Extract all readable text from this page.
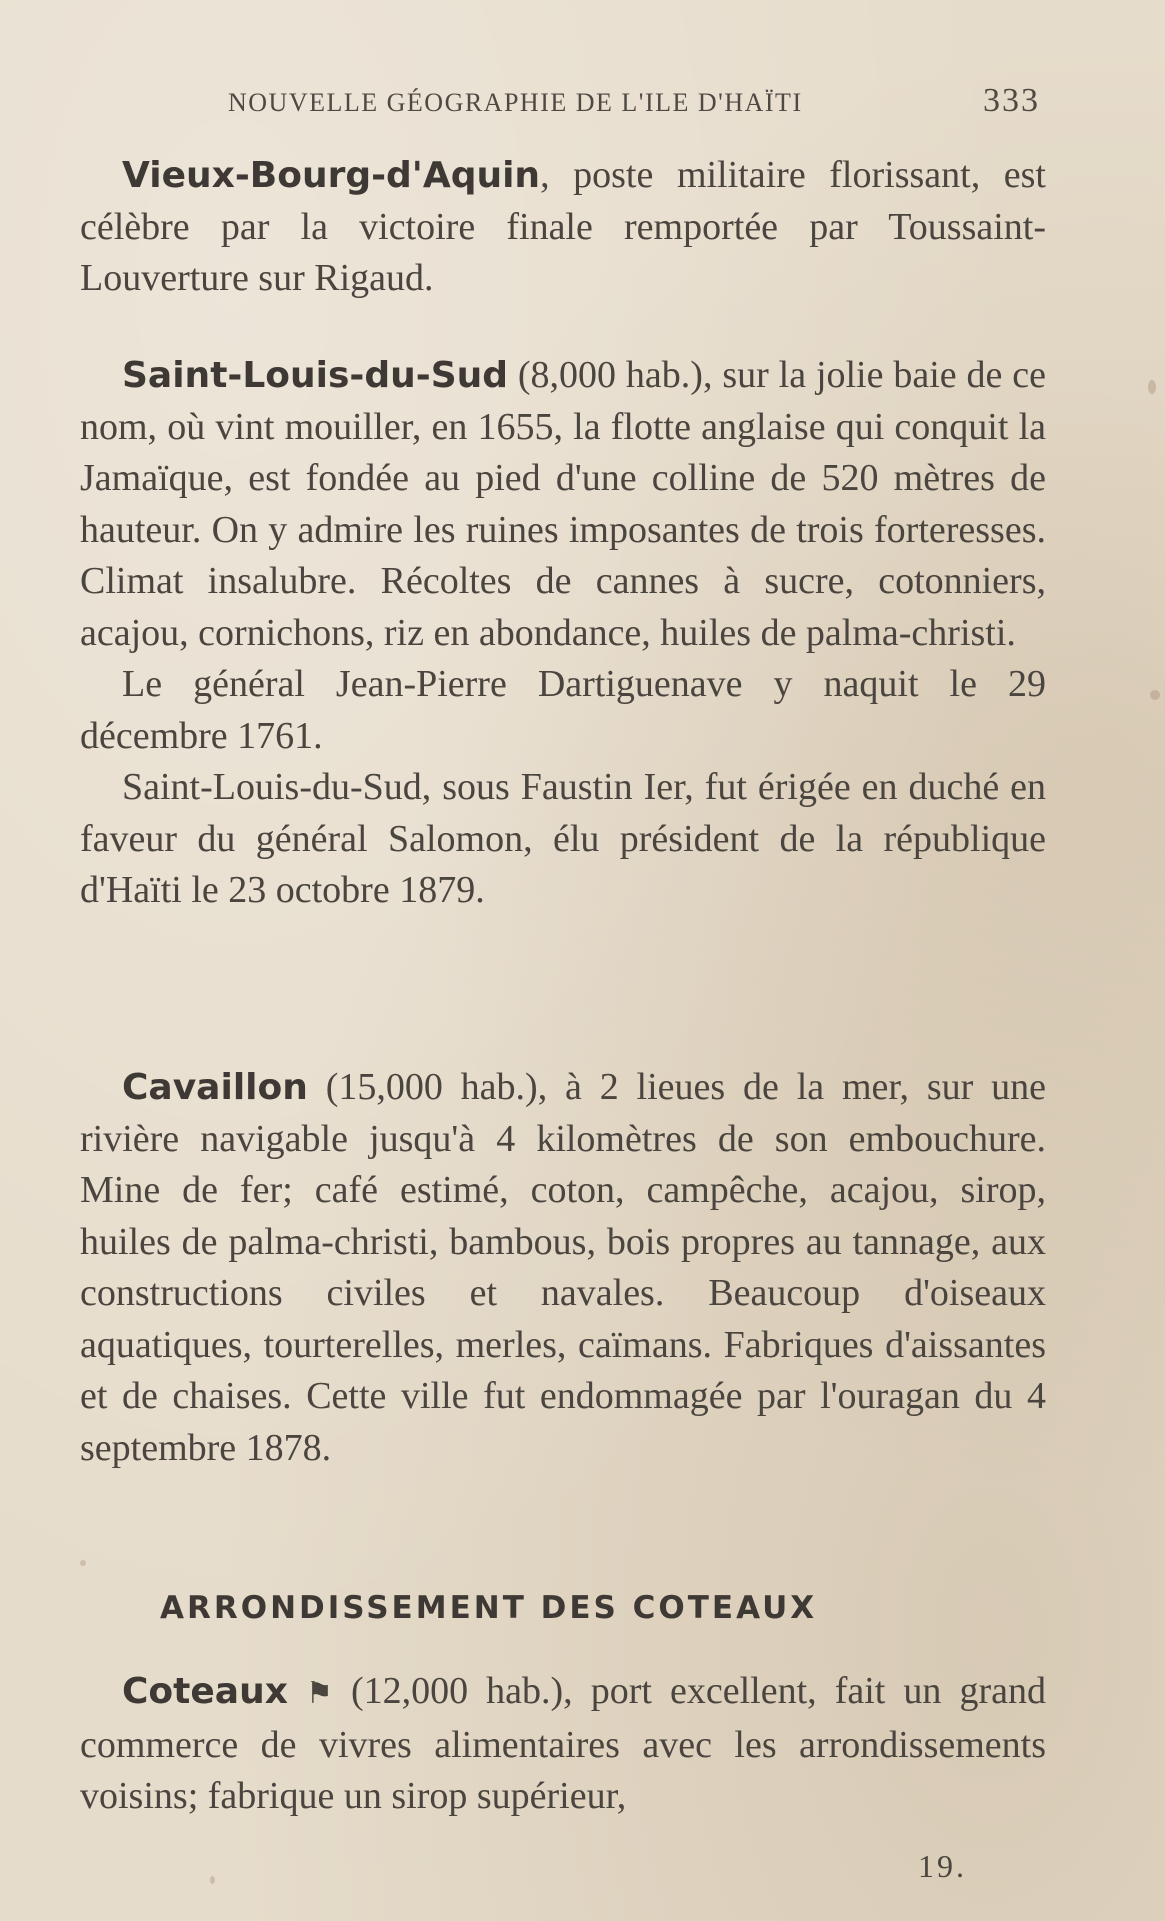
NOUVELLE GÉOGRAPHIE DE L'ILE D'HAÏTI	333

Vieux-Bourg-d'Aquin, poste militaire florissant, est célèbre par la victoire finale remportée par Toussaint-Louverture sur Rigaud.

Saint-Louis-du-Sud (8,000 hab.), sur la jolie baie de ce nom, où vint mouiller, en 1655, la flotte anglaise qui conquit la Jamaïque, est fondée au pied d'une colline de 520 mètres de hauteur. On y admire les ruines imposantes de trois forteresses. Climat insalubre. Récoltes de cannes à sucre, cotonniers, acajou, cornichons, riz en abondance, huiles de palma-christi.

Le général Jean-Pierre Dartiguenave y naquit le 29 décembre 1761.

Saint-Louis-du-Sud, sous Faustin Ier, fut érigée en duché en faveur du général Salomon, élu président de la république d'Haïti le 23 octobre 1879.

Cavaillon (15,000 hab.), à 2 lieues de la mer, sur une rivière navigable jusqu'à 4 kilomètres de son embouchure. Mine de fer; café estimé, coton, campêche, acajou, sirop, huiles de palma-christi, bambous, bois propres au tannage, aux constructions civiles et navales. Beaucoup d'oiseaux aquatiques, tourterelles, merles, caïmans. Fabriques d'aissantes et de chaises. Cette ville fut endommagée par l'ouragan du 4 septembre 1878.

ARRONDISSEMENT DES COTEAUX

Coteaux ⚑ (12,000 hab.), port excellent, fait un grand commerce de vivres alimentaires avec les arrondissements voisins; fabrique un sirop supérieur,

19.
